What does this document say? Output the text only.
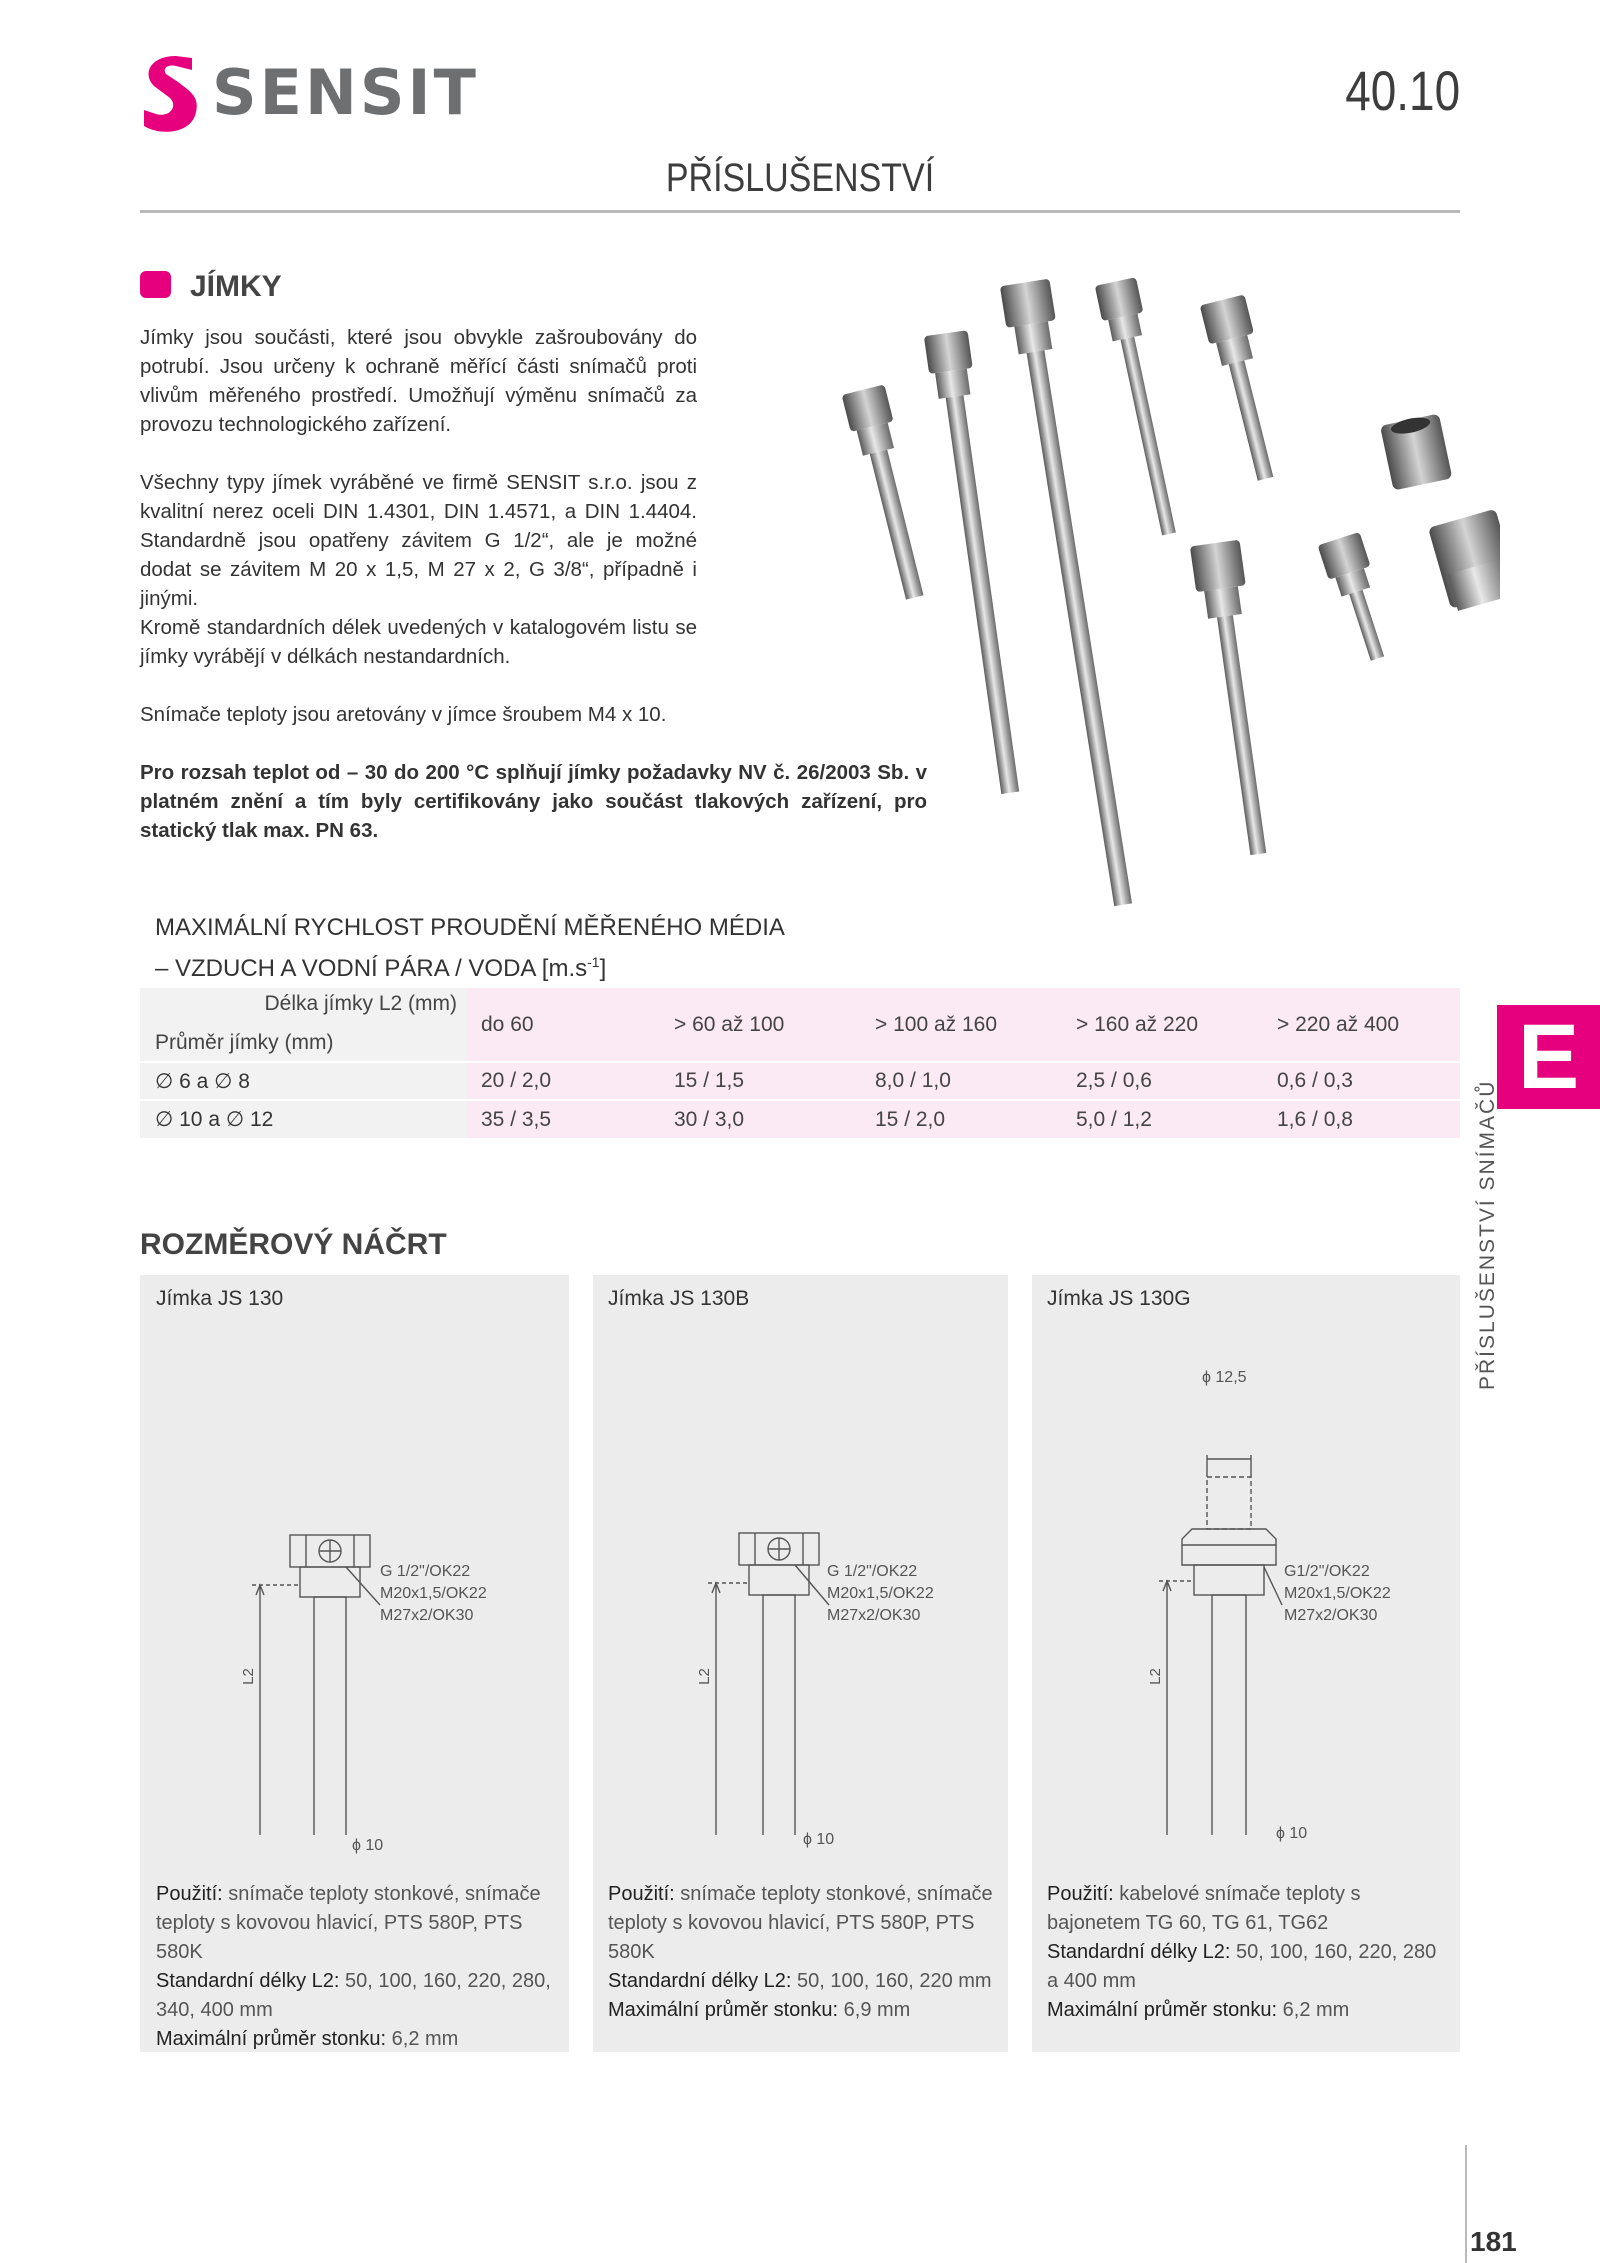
SENSIT	40.10
PŘÍSLUŠENSTVÍ
E
PŘÍSLUŠENSTVÍ SNÍMAČŮ
181
JÍMKY
Jímky jsou součásti, které jsou obvykle zašroubovány do potrubí. Jsou určeny k ochraně měřící části snímačů proti vlivům měřeného prostředí. Umožňují výměnu snímačů za provozu technologického zařízení.
Všechny typy jímek vyráběné ve firmě SENSIT s.r.o. jsou z kvalitní nerez oceli DIN 1.4301, DIN 1.4571, a DIN 1.4404. Standardně jsou opatřeny závitem G 1/2“, ale je možné dodat se závitem M 20 x 1,5, M 27 x 2, G 3/8“, případně i jinými.
Kromě standardních délek uvedených v katalogovém listu se jímky vyrábějí v délkách nestandardních.
Snímače teploty jsou aretovány v jímce šroubem M4 x 10.
Pro rozsah teplot od – 30 do 200 °C splňují jímky požadavky NV č. 26/2003 Sb. v platném znění a tím byly certifikovány jako součást tlakových zařízení, pro statický tlak max. PN 63.
MAXIMÁLNÍ RYCHLOST PROUDĚNÍ MĚŘENÉHO MÉDIA
– VZDUCH A VODNÍ PÁRA / VODA $[m.s^{-1}]$
Délka jímky L2 (mm)
Průměr jímky (mm)	do 60	> 60 až 100	> 100 až 160	> 160 až 220	> 220 až 400
∅ 6 a ∅ 8	20 / 2,0	15 / 1,5	8,0 / 1,0	2,5 / 0,6	0,6 / 0,3
∅ 10 a ∅ 12	35 / 3,5	30 / 3,0	15 / 2,0	5,0 / 1,2	1,6 / 0,8
ROZMĚROVÝ NÁČRT
Jímka JS 130
G 1/2"/OK22
M20x1,5/OK22
M27x2/OK30
L2
ϕ 10
Použití: snímače teploty stonkové, snímače teploty s kovovou hlavicí, PTS 580P, PTS 580K
Standardní délky L2: 50, 100, 160, 220, 280, 340, 400 mm
Maximální průměr stonku: 6,2 mm
Jímka JS 130B
G 1/2"/OK22
M20x1,5/OK22
M27x2/OK30
L2
ϕ 10
Použití: snímače teploty stonkové, snímače teploty s kovovou hlavicí, PTS 580P, PTS 580K
Standardní délky L2: 50, 100, 160, 220 mm
Maximální průměr stonku: 6,9 mm
Jímka JS 130G
ϕ 12,5
G1/2"/OK22
M20x1,5/OK22
M27x2/OK30
L2
ϕ 10
Použití: kabelové snímače teploty s bajonetem TG 60, TG 61, TG62
Standardní délky L2: 50, 100, 160, 220, 280 a 400 mm
Maximální průměr stonku: 6,2 mm
